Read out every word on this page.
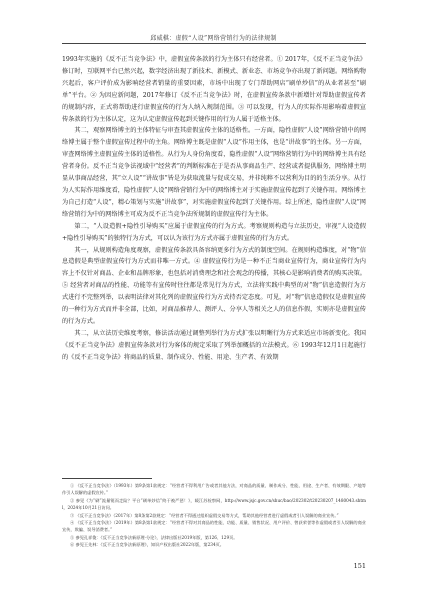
邱威棋：虚假“人设”网络营销行为的法律规制

1993年实施的《反不正当竞争法》中，虚假宣传条款的行为主体只有经营者。① 2017年，《反不正当竞争法》修订时，互联网平台已然兴起，数字经济出现了新技术、新模式、新业态、市场竞争亦出现了新问题。网络购物兴起后，客户评价成为影响经营者销量的重要因素，市场中出现了专门帮助网店“刷单炒信”的从业者甚至“刷单”平台。② 为因应新问题，2017年修订《反不正当竞争法》时，在虚假宣传条款中新增针对帮助虚假宣传者的规制内容，正式将帮助进行虚假宣传的行为人纳入规制范围。③ 可以发现，行为人的实际作用影响着虚假宣传条款的行为主体认定，这为认定虚假宣传起到关键作用的行为人属于适格主体。

其二，观察网络博主的主体特征与审查其虚假宣传主体的适格性。一方面，隐性虚假“人设”网络营销中的网络博主属于整个虚假宣传过程中的主角。网络博主既是虚假“人设”作用主体，也是“讲故事”的主体。另一方面，审查网络博主虚假宣传主体的适格性。从行为人身份角度看，隐性虚假“人设”网络营销行为中的网络博主具有经营者身份。反不正当竞争法视域中“经营者”的判断标准在于是否从事商品生产、经营或者提供服务，网络博主明显从事商品经营，其“立人设”“讲故事”皆是为获取流量与促成交易，并非纯粹不以营利为目的的生活分享。从行为人实际作用维度看，隐性虚假“人设”网络营销行为中的网络博主对于实施虚假宣传起到了关键作用。网络博主为自己打造“人设”，精心策划与实施“讲故事”，对实施虚假宣传起到了关键作用。综上所述，隐性虚假“人设”网络营销行为中的网络博主可成为反不正当竞争法所规制的虚假宣传行为主体。

第二，“人设造假+隐性引导购买”应属于虚假宣传的行为方式。考察规则构造与立法历史，审视“人设造假+隐性引导购买”的独特行为方式，可以认为该行为方式亦属于虚假宣传的行为方式。

其一，从规则构造角度观察，虚假宣传条款具备容纳更多行为方式的制度空间。在规则构造维度，对“物”信息造假是典型虚假宣传行为方式而非唯一方式。④ 虚假宣传行为是一种不正当商业宣传行为，商业宣传行为内容上不仅针对商品、企业和品牌形象，也包括对消费理念和社会观念的传播，其核心是影响消费者的购买决策。⑤ 经营者对商品的性能、功能等有宣传时往往都是常见行为方式，立法将实践中典型的对“物”信息造假行为方式进行不完整列举，以表明法律对其化列的虚假宣传行为方式持否定态度。可见，对“物”信息造假仅是虚假宣传的一种行为方式而并非全部，比如，对商品推荐人、测评人、分享人等相关之人的信息作假，实则亦是虚假宣传的行为方式。

其二，从立法历史维度考察，修法活动通过调整列举行为方式扩张以明晰行为方式来适应市场新变化。我国《反不正当竞争法》虚假宣传条款对行为客体的规定采取了列举加概括的立法模式。⑥ 1993年12月1日起施行的《反不正当竞争法》将商品的质量、制作成分、性能、用途、生产者、有效期

① 《反不正当竞争法》（1993年）第9条第1款规定：“经营者不得利用广告或者其他方法，对商品的质量、制作成分、性能、用途、生产者、有效期限、产地等作引人误解的虚假宣传。”

② 参见《为“刷”流量铤而走险？平台“刷单炒信”终于被严惩！》，载江苏检察网，http://www.jsjc.gov.cn/shuc/bao/202302/t20230207_1480043.shtml，2024年10月21日访问。

③ 《反不正当竞争法》（2017年）第8条第2款规定：“经营者不得通过组织虚假交易等方式，帮助其他经营者进行虚假或者引人误解的商业宣传。”

④ 《反不正当竞争法》（2019年）第8条第1款规定：“经营者不得对其商品的性能、功能、质量、销售状况、用户评价、曾获荣誉等作虚假或者引人误解的商业宣传，欺骗、误导消费者。”

⑤ 参见孔祥俊：《反不正当竞争法新原理·分论》，法律出版社2019年版，第126、129页。

⑥ 参见王先林：《反不正当竞争法新原理》，知识产权出版社2022年版，第234页。

151
